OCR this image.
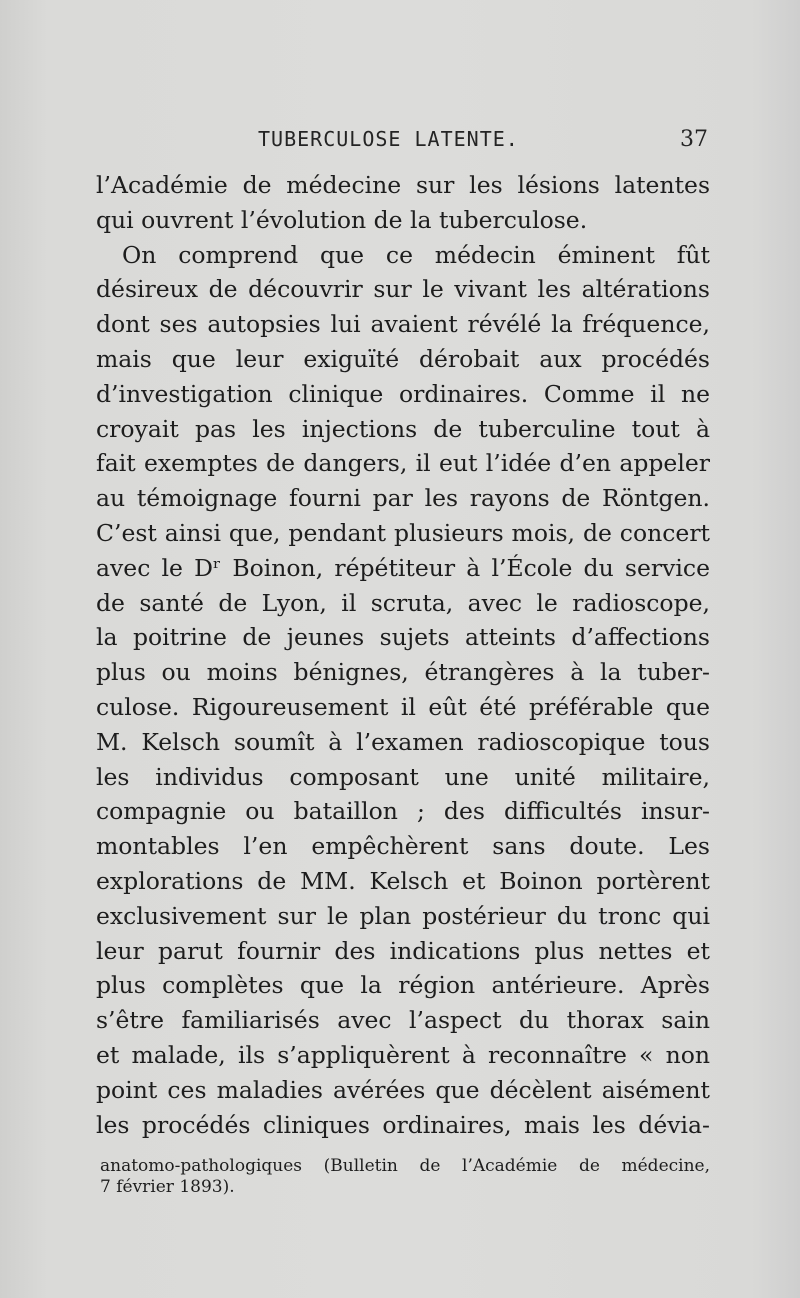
TUBERCULOSE LATENTE.	37
l’Académie de médecine sur les lésions latentes
qui ouvrent l’évolution de la tuberculose.
On comprend que ce médecin éminent fût
désireux de découvrir sur le vivant les altérations
dont ses autopsies lui avaient révélé la fréquence,
mais que leur exiguïté dérobait aux procédés
d’investigation clinique ordinaires. Comme il ne
croyait pas les injections de tuberculine tout à
fait exemptes de dangers, il eut l’idée d’en appeler
au témoignage fourni par les rayons de Röntgen.
C’est ainsi que, pendant plusieurs mois, de concert
avec le Dʳ Boinon, répétiteur à l’École du service
de santé de Lyon, il scruta, avec le radioscope,
la poitrine de jeunes sujets atteints d’affections
plus ou moins bénignes, étrangères à la tuber-
culose. Rigoureusement il eût été préférable que
M. Kelsch soumît à l’examen radioscopique tous
les individus composant une unité militaire,
compagnie ou bataillon ; des difficultés insur-
montables l’en empêchèrent sans doute. Les
explorations de MM. Kelsch et Boinon portèrent
exclusivement sur le plan postérieur du tronc qui
leur parut fournir des indications plus nettes et
plus complètes que la région antérieure. Après
s’être familiarisés avec l’aspect du thorax sain
et malade, ils s’appliquèrent à reconnaître « non
point ces maladies avérées que décèlent aisément
les procédés cliniques ordinaires, mais les dévia-
anatomo-pathologiques (Bulletin de l’Académie de médecine,
7 février 1893).
